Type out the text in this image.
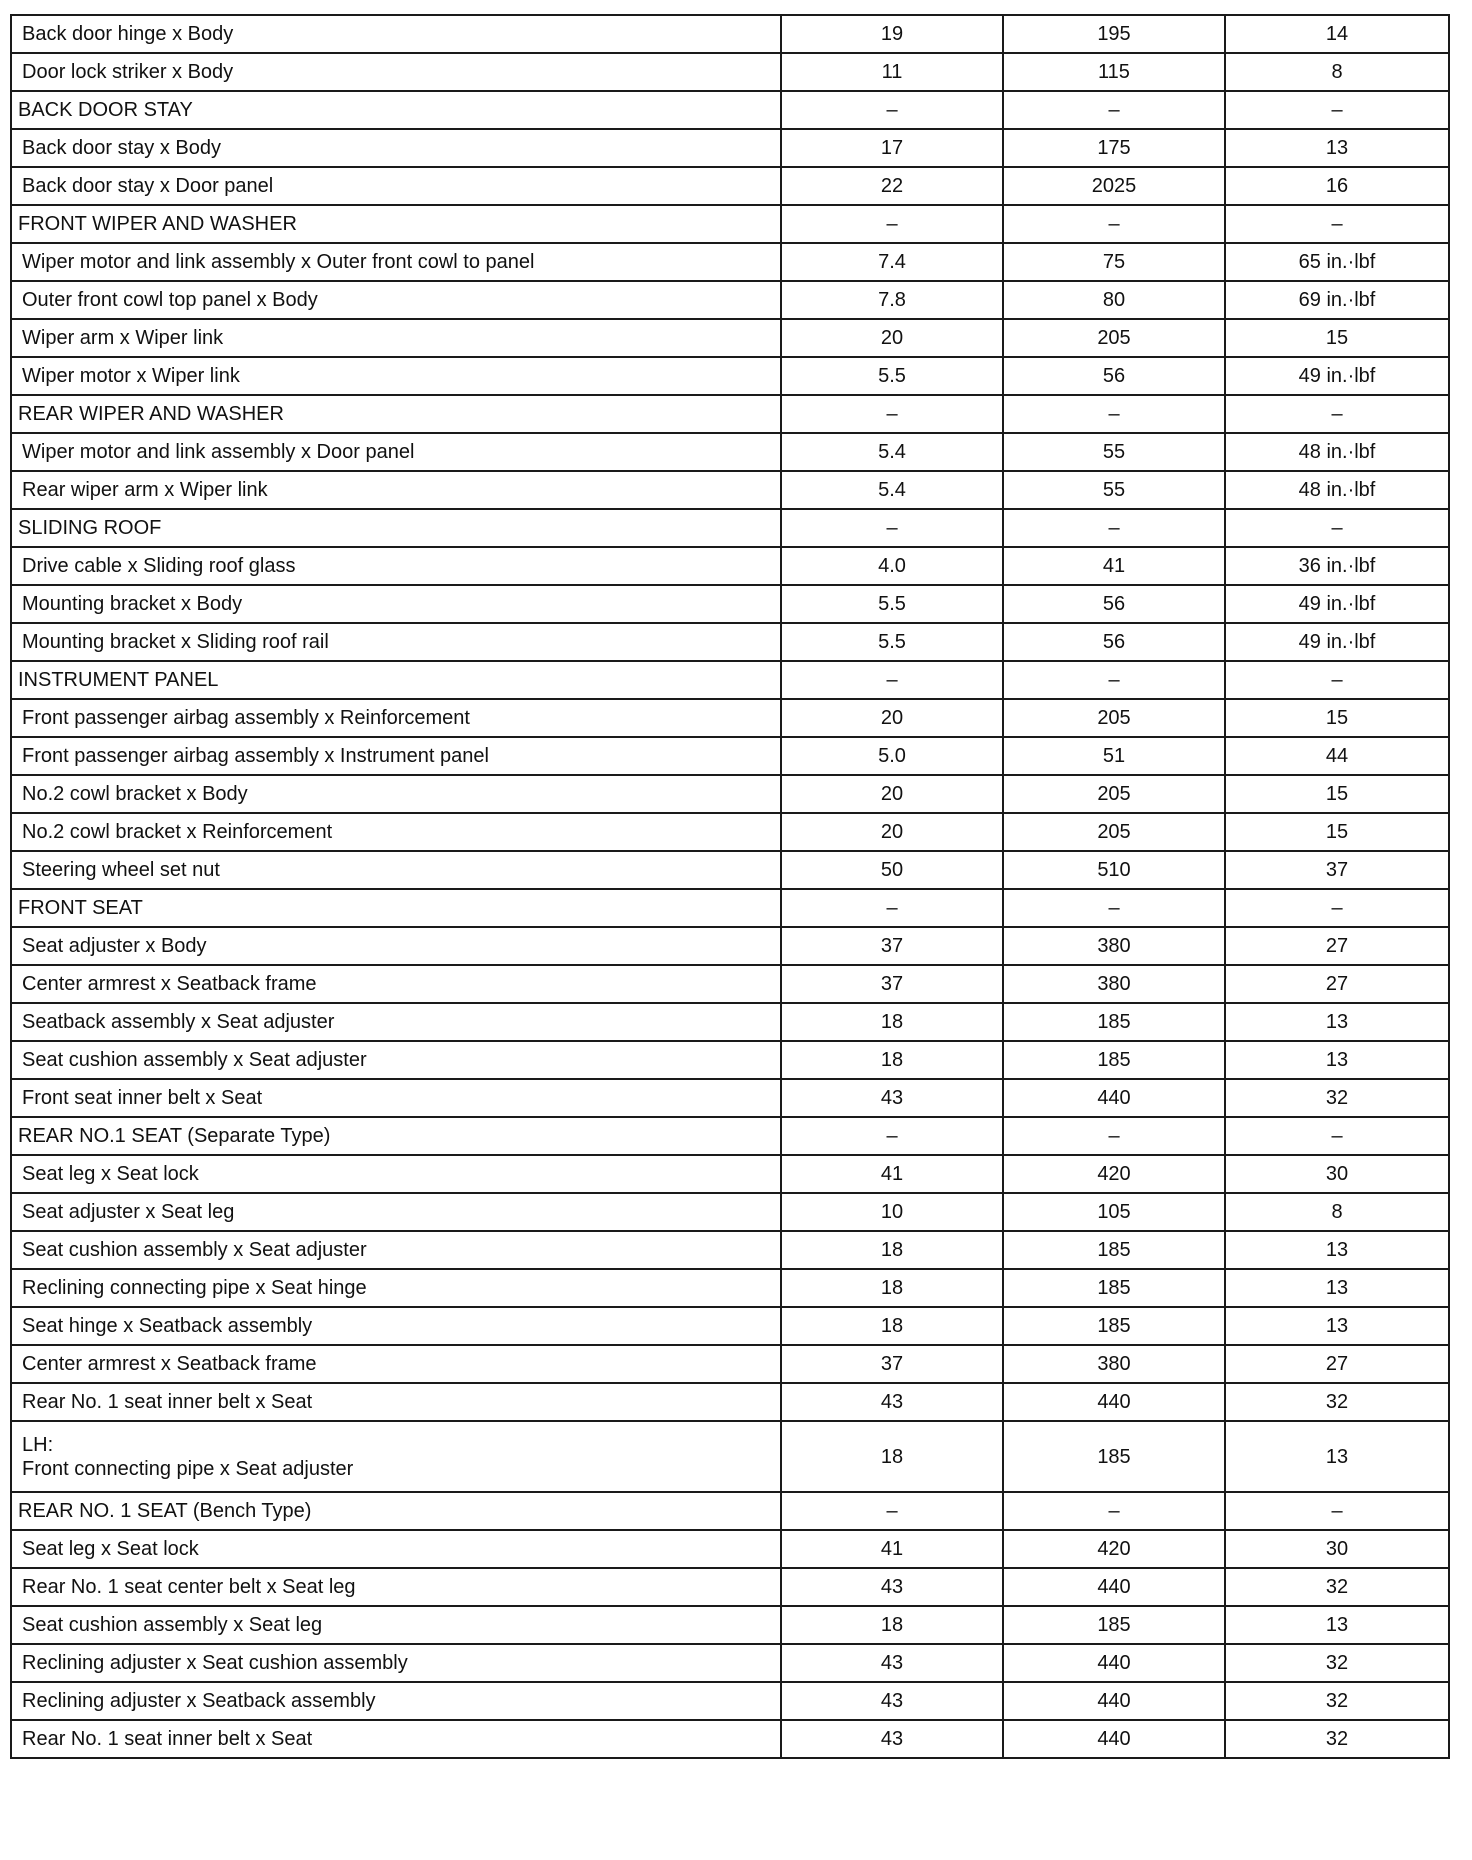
Back door hinge x Body	19	195	14

Door lock striker x Body	11	115	8

BACK DOOR STAY	–	–	–

Back door stay x Body	17	175	13

Back door stay x Door panel	22	2025	16

FRONT WIPER AND WASHER	–	–	–

Wiper motor and link assembly x Outer front cowl to panel	7.4	75	65 in.·lbf

Outer front cowl top panel x Body	7.8	80	69 in.·lbf

Wiper arm x Wiper link	20	205	15

Wiper motor x Wiper link	5.5	56	49 in.·lbf

REAR WIPER AND WASHER	–	–	–

Wiper motor and link assembly x Door panel	5.4	55	48 in.·lbf

Rear wiper arm x Wiper link	5.4	55	48 in.·lbf

SLIDING ROOF	–	–	–

Drive cable x Sliding roof glass	4.0	41	36 in.·lbf

Mounting bracket x Body	5.5	56	49 in.·lbf

Mounting bracket x Sliding roof rail	5.5	56	49 in.·lbf

INSTRUMENT PANEL	–	–	–

Front passenger airbag assembly x Reinforcement	20	205	15

Front passenger airbag assembly x Instrument panel	5.0	51	44

No.2 cowl bracket x Body	20	205	15

No.2 cowl bracket x Reinforcement	20	205	15

Steering wheel set nut	50	510	37

FRONT SEAT	–	–	–

Seat adjuster x Body	37	380	27

Center armrest x Seatback frame	37	380	27

Seatback assembly x Seat adjuster	18	185	13

Seat cushion assembly x Seat adjuster	18	185	13

Front seat inner belt x Seat	43	440	32

REAR NO.1 SEAT (Separate Type)	–	–	–

Seat leg x Seat lock	41	420	30

Seat adjuster x Seat leg	10	105	8

Seat cushion assembly x Seat adjuster	18	185	13

Reclining connecting pipe x Seat hinge	18	185	13

Seat hinge x Seatback assembly	18	185	13

Center armrest x Seatback frame	37	380	27

Rear No. 1 seat inner belt x Seat	43	440	32

LH:
Front connecting pipe x Seat adjuster	18	185	13

REAR NO. 1 SEAT (Bench Type)	–	–	–

Seat leg x Seat lock	41	420	30

Rear No. 1 seat center belt x Seat leg	43	440	32

Seat cushion assembly x Seat leg	18	185	13

Reclining adjuster x Seat cushion assembly	43	440	32

Reclining adjuster x Seatback assembly	43	440	32

Rear No. 1 seat inner belt x Seat	43	440	32
